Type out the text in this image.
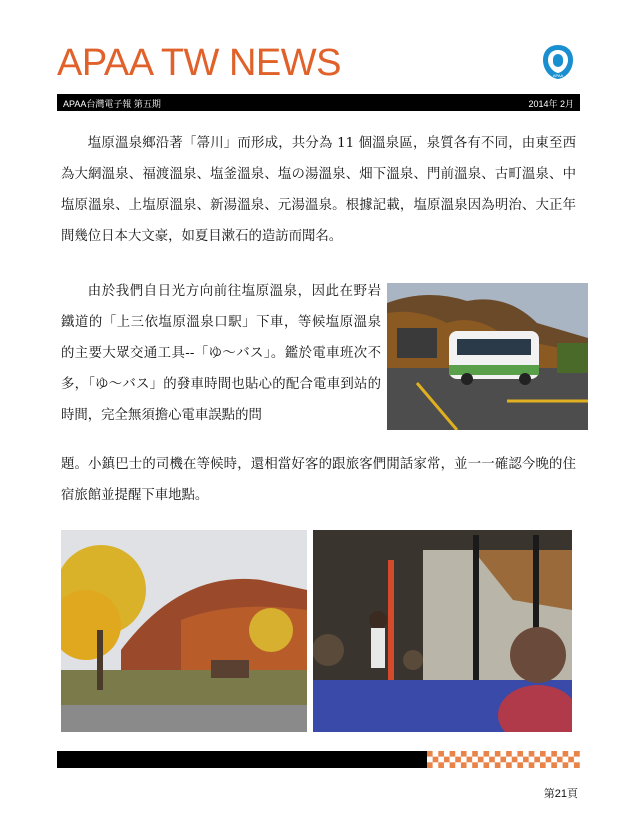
APAA TW NEWS	APAA
APAA台灣電子報 第五期	2014年 2月
塩原溫泉鄉沿著「箒川」而形成，共分為 11 個溫泉區，泉質各有不同，由東至西為大網溫泉、福渡溫泉、塩釜溫泉、塩の湯溫泉、畑下溫泉、門前溫泉、古町溫泉、中塩原溫泉、上塩原溫泉、新湯溫泉、元湯溫泉。根據記載，塩原溫泉因為明治、大正年間幾位日本大文豪，如夏目漱石的造訪而聞名。
由於我們自日光方向前往塩原溫泉，因此在野岩鐵道的「上三依塩原溫泉口駅」下車，等候塩原溫泉的主要大眾交通工具--「ゆ～バス」。鑑於電車班次不多，「ゆ～バス」的發車時間也貼心的配合電車到站的時間，完全無須擔心電車誤點的問
題。小鎮巴士的司機在等候時，還相當好客的跟旅客們閒話家常，並一一確認今晚的住宿旅館並提醒下車地點。
第21頁
